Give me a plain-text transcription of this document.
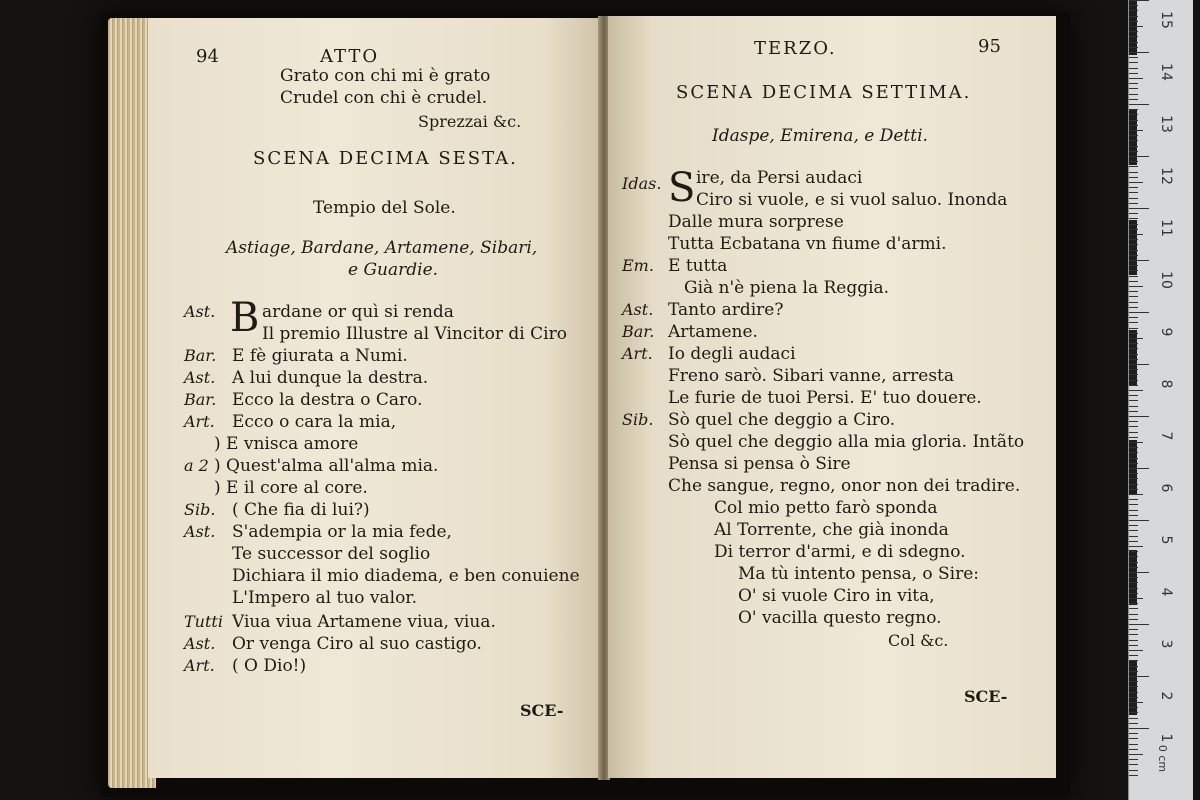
94	ATTO
Grato con chi mi è grato
Crudel con chi è crudel.
Sprezzai &c.
SCENA DECIMA SESTA.
Tempio del Sole.
Astiage, Bardane, Artamene, Sibari,
e Guardie.
Ast. B ardane or quì si renda
Il premio Illustre al Vincitor di Ciro
Bar. E fè giurata a Numi.
Ast. A lui dunque la destra.
Bar. Ecco la destra o Caro.
Art. Ecco o cara la mia,
) E vnisca amore
a 2 ) Quest'alma all'alma mia.
) E il core al core.
Sib. ( Che fia di lui?)
Ast. S'adempia or la mia fede,
Te successor del soglio
Dichiara il mio diadema, e ben conuiene
L'Impero al tuo valor.
Tutti Viua viua Artamene viua, viua.
Ast. Or venga Ciro al suo castigo.
Art. ( O Dio!)
SCE-
TERZO.	95
SCENA DECIMA SETTIMA.
Idaspe, Emirena, e Detti.
Idas. S ire, da Persi audaci
Ciro si vuole, e si vuol saluo. Inonda
Dalle mura sorprese
Tutta Ecbatana vn fiume d'armi.
Em. E tutta
Già n'è piena la Reggia.
Ast. Tanto ardire?
Bar. Artamene.
Art. Io degli audaci
Freno sarò. Sibari vanne, arresta
Le furie de tuoi Persi. E' tuo douere.
Sib. Sò quel che deggio a Ciro.
Sò quel che deggio alla mia gloria. Intãto
Pensa si pensa ò Sire
Che sangue, regno, onor non dei tradire.
Col mio petto farò sponda
Al Torrente, che già inonda
Di terror d'armi, e di sdegno.
Ma tù intento pensa, o Sire:
O' si vuole Ciro in vita,
O' vacilla questo regno.
Col &c.
SCE-
15
14
13
12
11
10
9
8
7
6
5
4
3
2
1
0 cm
